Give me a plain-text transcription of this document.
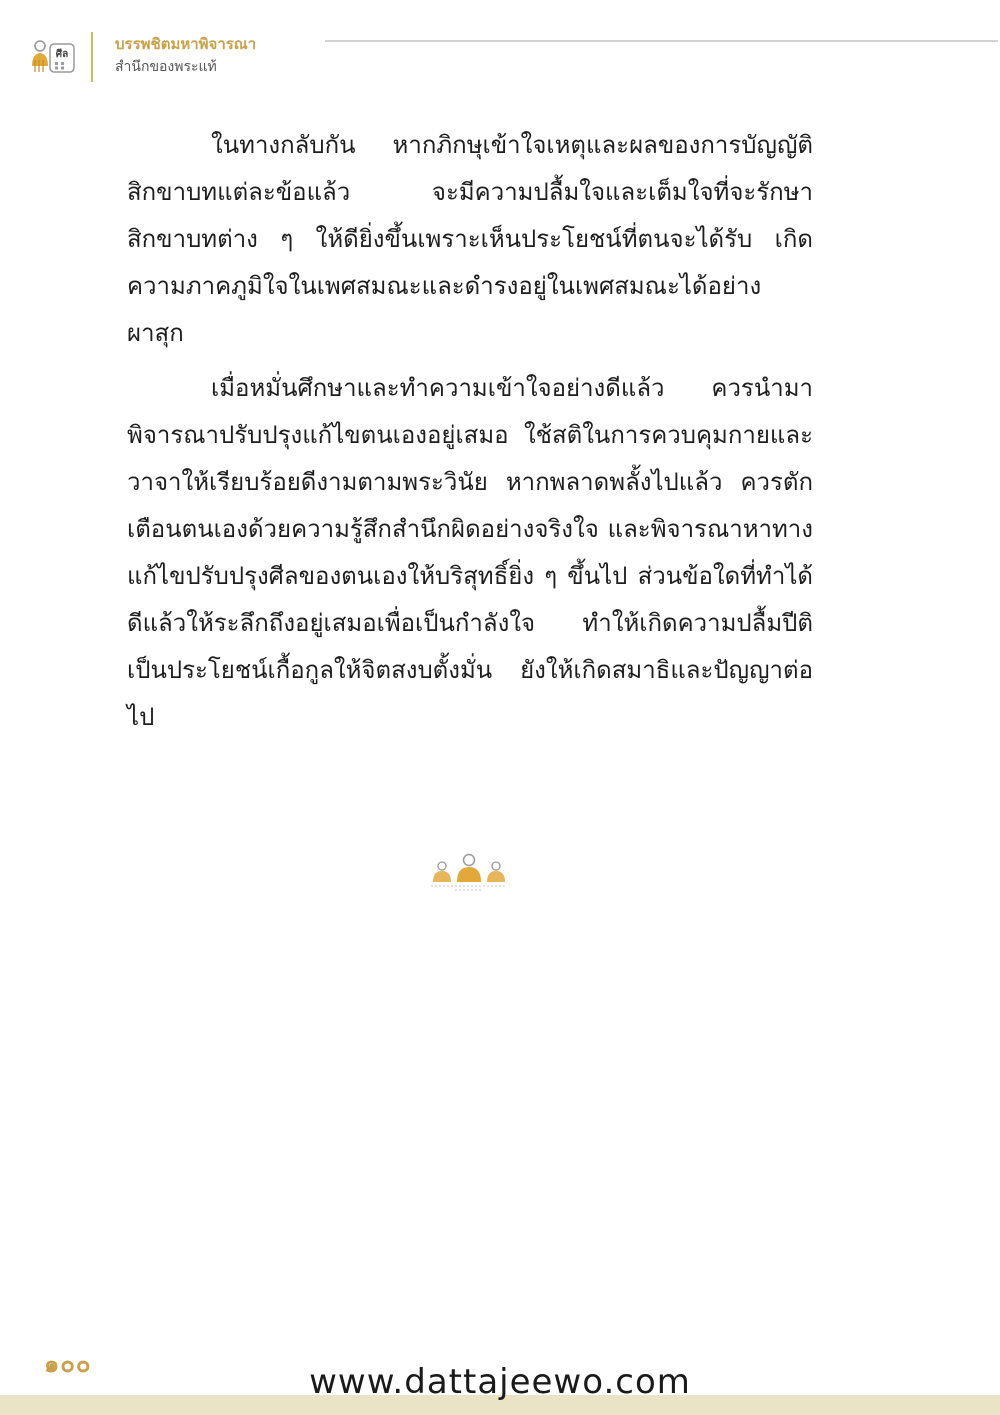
ศีล
บรรพชิตมหาพิจารณา
สำนึกของพระแท้

ในทางกลับกัน หากภิกษุเข้าใจเหตุและผลของการบัญญัติสิกขาบทแต่ละข้อแล้ว จะมีความปลื้มใจและเต็มใจที่จะรักษาสิกขาบทต่าง ๆ ให้ดียิ่งขึ้นเพราะเห็นประโยชน์ที่ตนจะได้รับ เกิดความภาคภูมิใจในเพศสมณะและดำรงอยู่ในเพศสมณะได้อย่างผาสุก

เมื่อหมั่นศึกษาและทำความเข้าใจอย่างดีแล้ว ควรนำมาพิจารณาปรับปรุงแก้ไขตนเองอยู่เสมอ ใช้สติในการควบคุมกายและวาจาให้เรียบร้อยดีงามตามพระวินัย หากพลาดพลั้งไปแล้ว ควรตักเตือนตนเองด้วยความรู้สึกสำนึกผิดอย่างจริงใจ และพิจารณาหาทางแก้ไขปรับปรุงศีลของตนเองให้บริสุทธิ์ยิ่ง ๆ ขึ้นไป ส่วนข้อใดที่ทำได้ดีแล้วให้ระลึกถึงอยู่เสมอเพื่อเป็นกำลังใจ ทำให้เกิดความปลื้มปีติ เป็นประโยชน์เกื้อกูลให้จิตสงบตั้งมั่น ยังให้เกิดสมาธิและปัญญาต่อไป

๑๐๐	www.dattajeewo.com
